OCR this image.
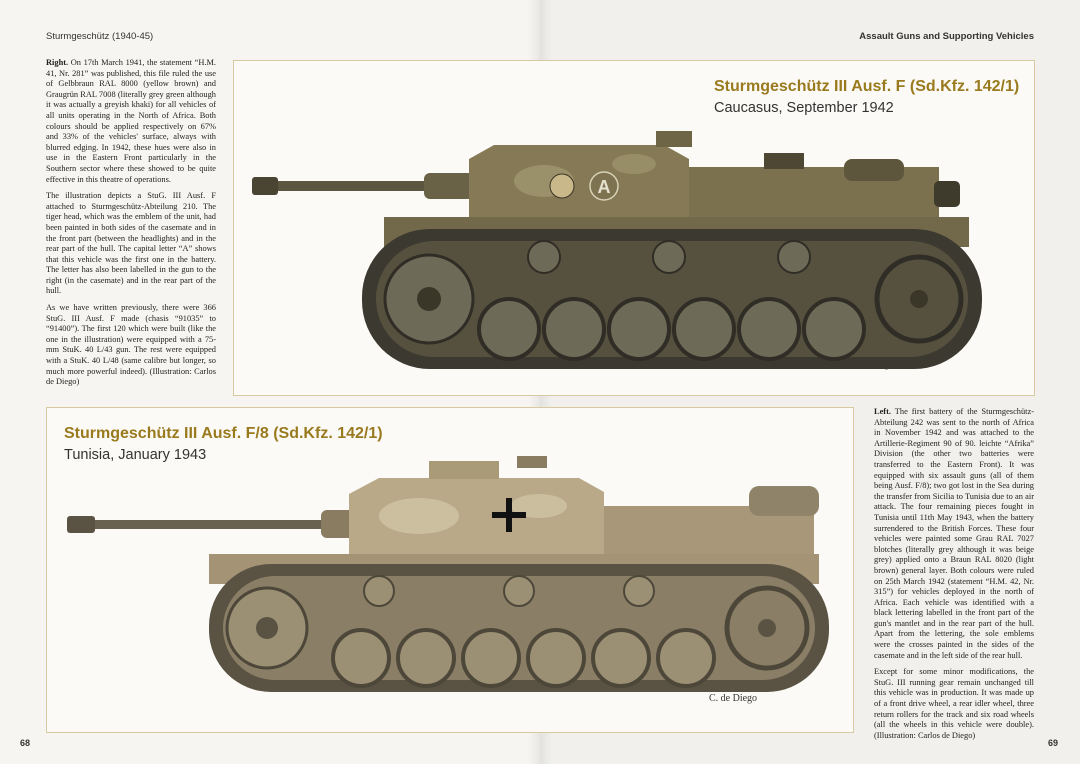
Sturmgeschütz (1940-45)	Assault Guns and Supporting Vehicles

Right. On 17th March 1941, the statement “H.M. 41, Nr. 281” was published, this file ruled the use of Gelbbraun RAL 8000 (yellow brown) and Graugrün RAL 7008 (literally grey green although it was actually a greyish khaki) for all vehicles of all units operating in the North of Africa. Both colours should be applied respectively on 67% and 33% of the vehicles' surface, always with blurred edging. In 1942, these hues were also in use in the Eastern Front particularly in the Southern sector where these showed to be quite effective in this theatre of operations.

The illustration depicts a StuG. III Ausf. F attached to Sturmgeschütz-Abteilung 210. The tiger head, which was the emblem of the unit, had been painted in both sides of the casemate and in the front part (between the headlights) and in the rear part of the hull. The capital letter “A” shows that this vehicle was the first one in the battery. The letter has also been labelled in the gun to the right (in the casemate) and in the rear part of the hull.

As we have written previously, there were 366 StuG. III Ausf. F made (chasis “91035” to “91400”). The first 120 which were built (like the one in the illustration) were equipped with a 75-mm StuK. 40 L/43 gun. The rest were equipped with a StuK. 40 L/48 (same calibre but longer, so much more powerful indeed). (Illustration: Carlos de Diego)

Sturmgeschütz III Ausf. F (Sd.Kfz. 142/1)
Caucasus, September 1942
A
Sturmgeschütz III Ausf. F/8 (Sd.Kfz. 142/1)
Tunisia, January 1943
C. de Diego

Left. The first battery of the Sturmgeschütz-Abteilung 242 was sent to the north of Africa in November 1942 and was attached to the Artillerie-Regiment 90 of 90. leichte “Afrika” Division (the other two batteries were transferred to the Eastern Front). It was equipped with six assault guns (all of them being Ausf. F/8); two got lost in the Sea during the transfer from Sicilia to Tunisia due to an air attack. The four remaining pieces fought in Tunisia until 11th May 1943, when the battery surrendered to the British Forces. These four vehicles were painted some Grau RAL 7027 blotches (literally grey although it was beige grey) applied onto a Braun RAL 8020 (light brown) general layer. Both colours were ruled on 25th March 1942 (statement “H.M. 42, Nr. 315”) for vehicles deployed in the north of Africa. Each vehicle was identified with a black lettering labelled in the front part of the gun's mantlet and in the rear part of the hull. Apart from the lettering, the sole emblems were the crosses painted in the sides of the casemate and in the left side of the rear hull.

Except for some minor modifications, the StuG. III running gear remain unchanged till this vehicle was in production. It was made up of a front drive wheel, a rear idler wheel, three return rollers for the track and six road wheels (all the wheels in this vehicle were double). (Illustration: Carlos de Diego)

68	69
